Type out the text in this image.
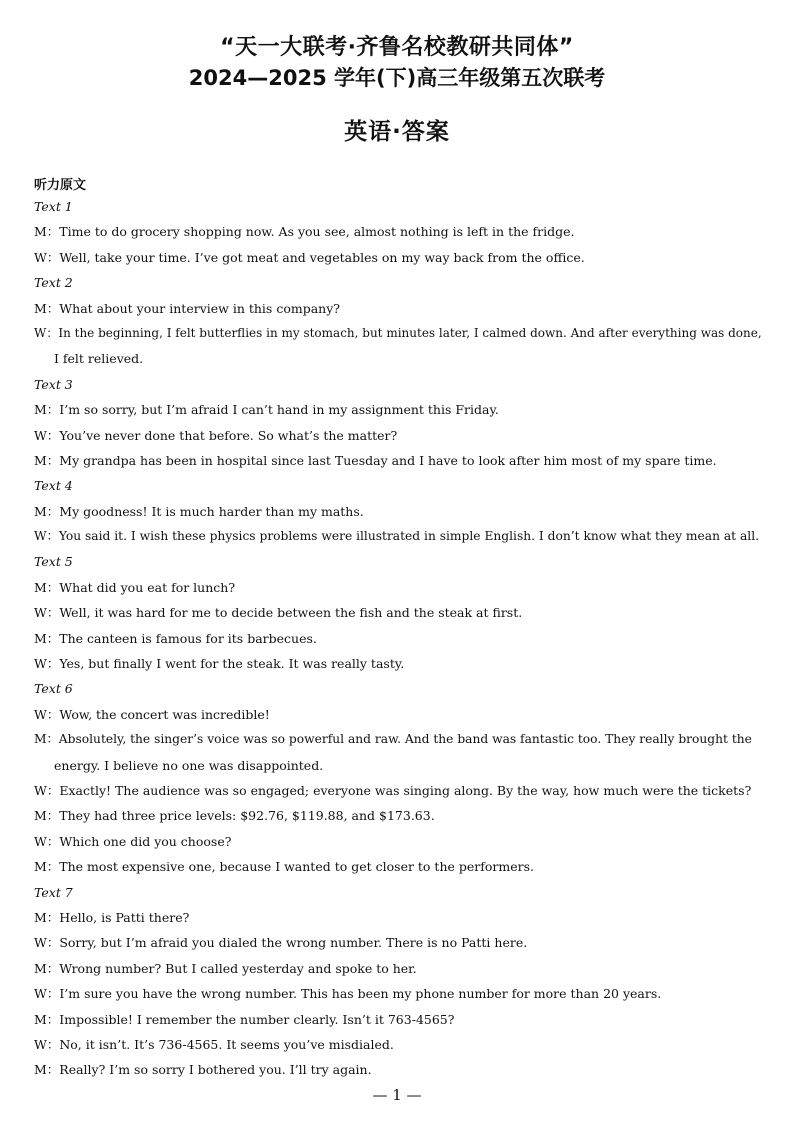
“天一大联考·齐鲁名校教研共同体”
2024—2025 学年(下)高三年级第五次联考
英语·答案
听力原文
Text 1
M：Time to do grocery shopping now. As you see, almost nothing is left in the fridge.
W：Well, take your time. I’ve got meat and vegetables on my way back from the office.
Text 2
M：What about your interview in this company?
W：In the beginning, I felt butterflies in my stomach, but minutes later, I calmed down. And after everything was done,
I felt relieved.
Text 3
M：I’m so sorry, but I’m afraid I can’t hand in my assignment this Friday.
W：You’ve never done that before. So what’s the matter?
M：My grandpa has been in hospital since last Tuesday and I have to look after him most of my spare time.
Text 4
M：My goodness! It is much harder than my maths.
W：You said it. I wish these physics problems were illustrated in simple English. I don’t know what they mean at all.
Text 5
M：What did you eat for lunch?
W：Well, it was hard for me to decide between the fish and the steak at first.
M：The canteen is famous for its barbecues.
W：Yes, but finally I went for the steak. It was really tasty.
Text 6
W：Wow, the concert was incredible!
M：Absolutely, the singer’s voice was so powerful and raw. And the band was fantastic too. They really brought the
energy. I believe no one was disappointed.
W：Exactly! The audience was so engaged; everyone was singing along. By the way, how much were the tickets?
M：They had three price levels: $92.76, $119.88, and $173.63.
W：Which one did you choose?
M：The most expensive one, because I wanted to get closer to the performers.
Text 7
M：Hello, is Patti there?
W：Sorry, but I’m afraid you dialed the wrong number. There is no Patti here.
M：Wrong number? But I called yesterday and spoke to her.
W：I’m sure you have the wrong number. This has been my phone number for more than 20 years.
M：Impossible! I remember the number clearly. Isn’t it 763-4565?
W：No, it isn’t. It’s 736-4565. It seems you’ve misdialed.
M：Really? I’m so sorry I bothered you. I’ll try again.
— 1 —
